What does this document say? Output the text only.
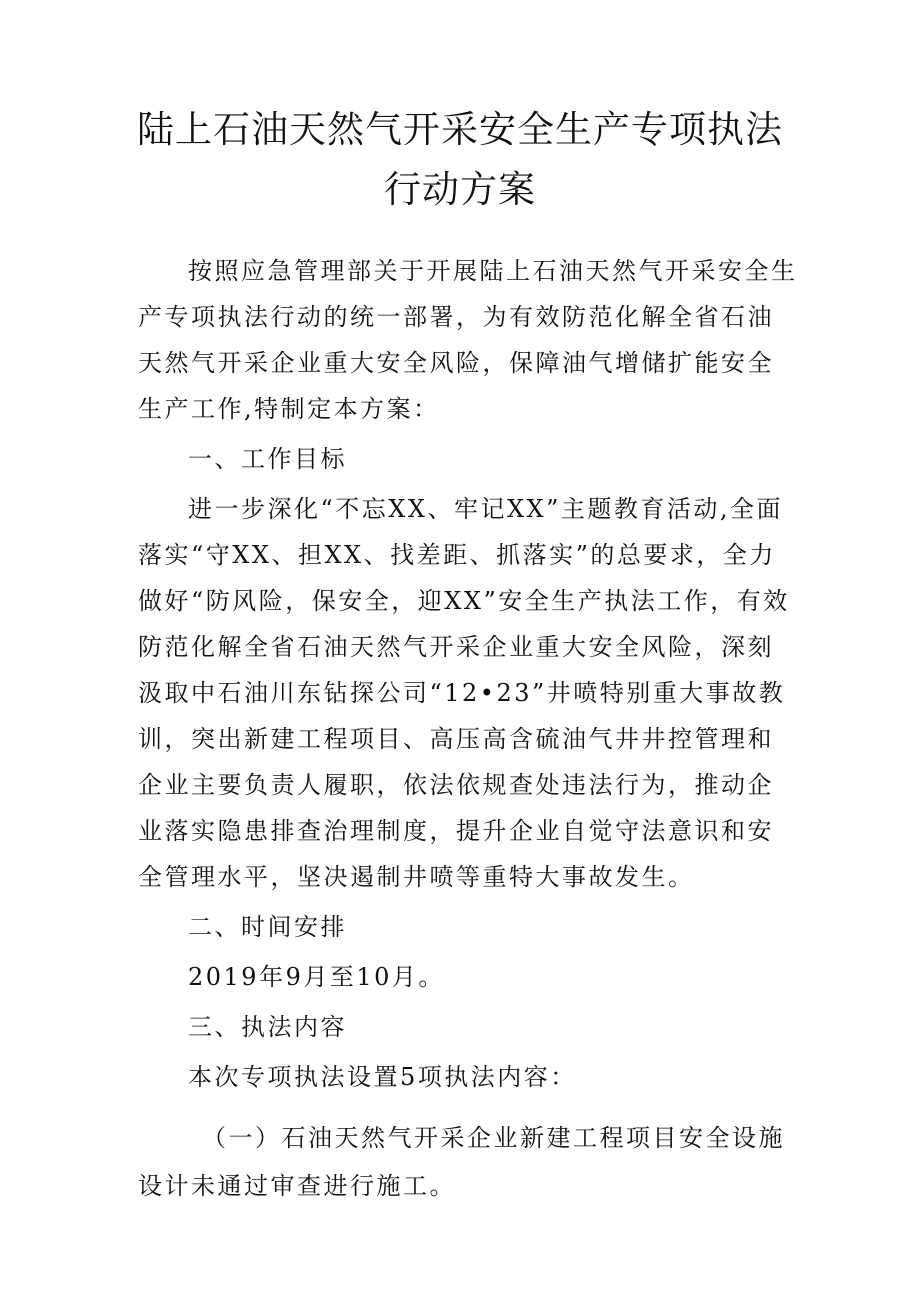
陆上石油天然气开采安全生产专项执法行动方案

按照应急管理部关于开展陆上石油天然气开采安全生产专项执法行动的统一部署，为有效防范化解全省石油天然气开采企业重大安全风险，保障油气增储扩能安全生产工作,特制定本方案：

一、工作目标

进一步深化“不忘XX、牢记XX”主题教育活动,全面落实“守XX、担XX、找差距、抓落实”的总要求，全力做好“防风险，保安全，迎XX”安全生产执法工作，有效防范化解全省石油天然气开采企业重大安全风险，深刻汲取中石油川东钻探公司“12•23”井喷特别重大事故教训，突出新建工程项目、高压高含硫油气井井控管理和企业主要负责人履职，依法依规查处违法行为，推动企业落实隐患排查治理制度，提升企业自觉守法意识和安全管理水平，坚决遏制井喷等重特大事故发生。

二、时间安排

2019年9月至10月。

三、执法内容

本次专项执法设置5项执法内容：

（一）石油天然气开采企业新建工程项目安全设施设计未通过审查进行施工。
